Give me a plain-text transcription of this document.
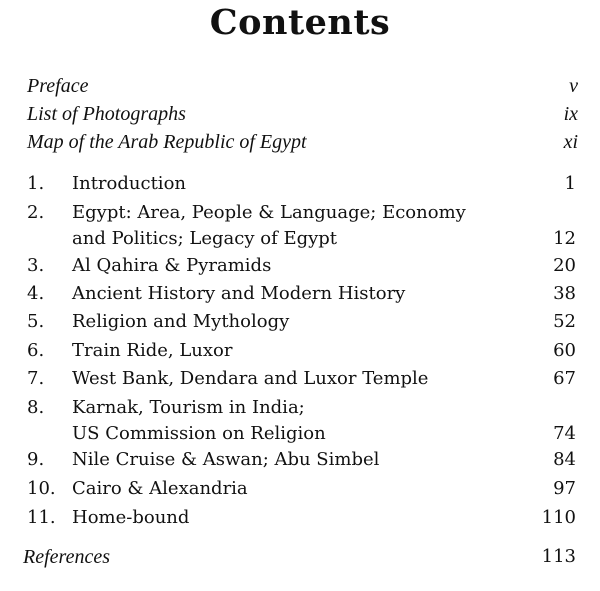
Contents
Preface	v
List of Photographs	ix
Map of the Arab Republic of Egypt	xi
1. Introduction	1
2. Egypt: Area, People & Language; Economy
and Politics; Legacy of Egypt	12
3. Al Qahira & Pyramids	20
4. Ancient History and Modern History	38
5. Religion and Mythology	52
6. Train Ride, Luxor	60
7. West Bank, Dendara and Luxor Temple	67
8. Karnak, Tourism in India;
US Commission on Religion	74
9. Nile Cruise & Aswan; Abu Simbel	84
10. Cairo & Alexandria	97
11. Home-bound	110
References	113
